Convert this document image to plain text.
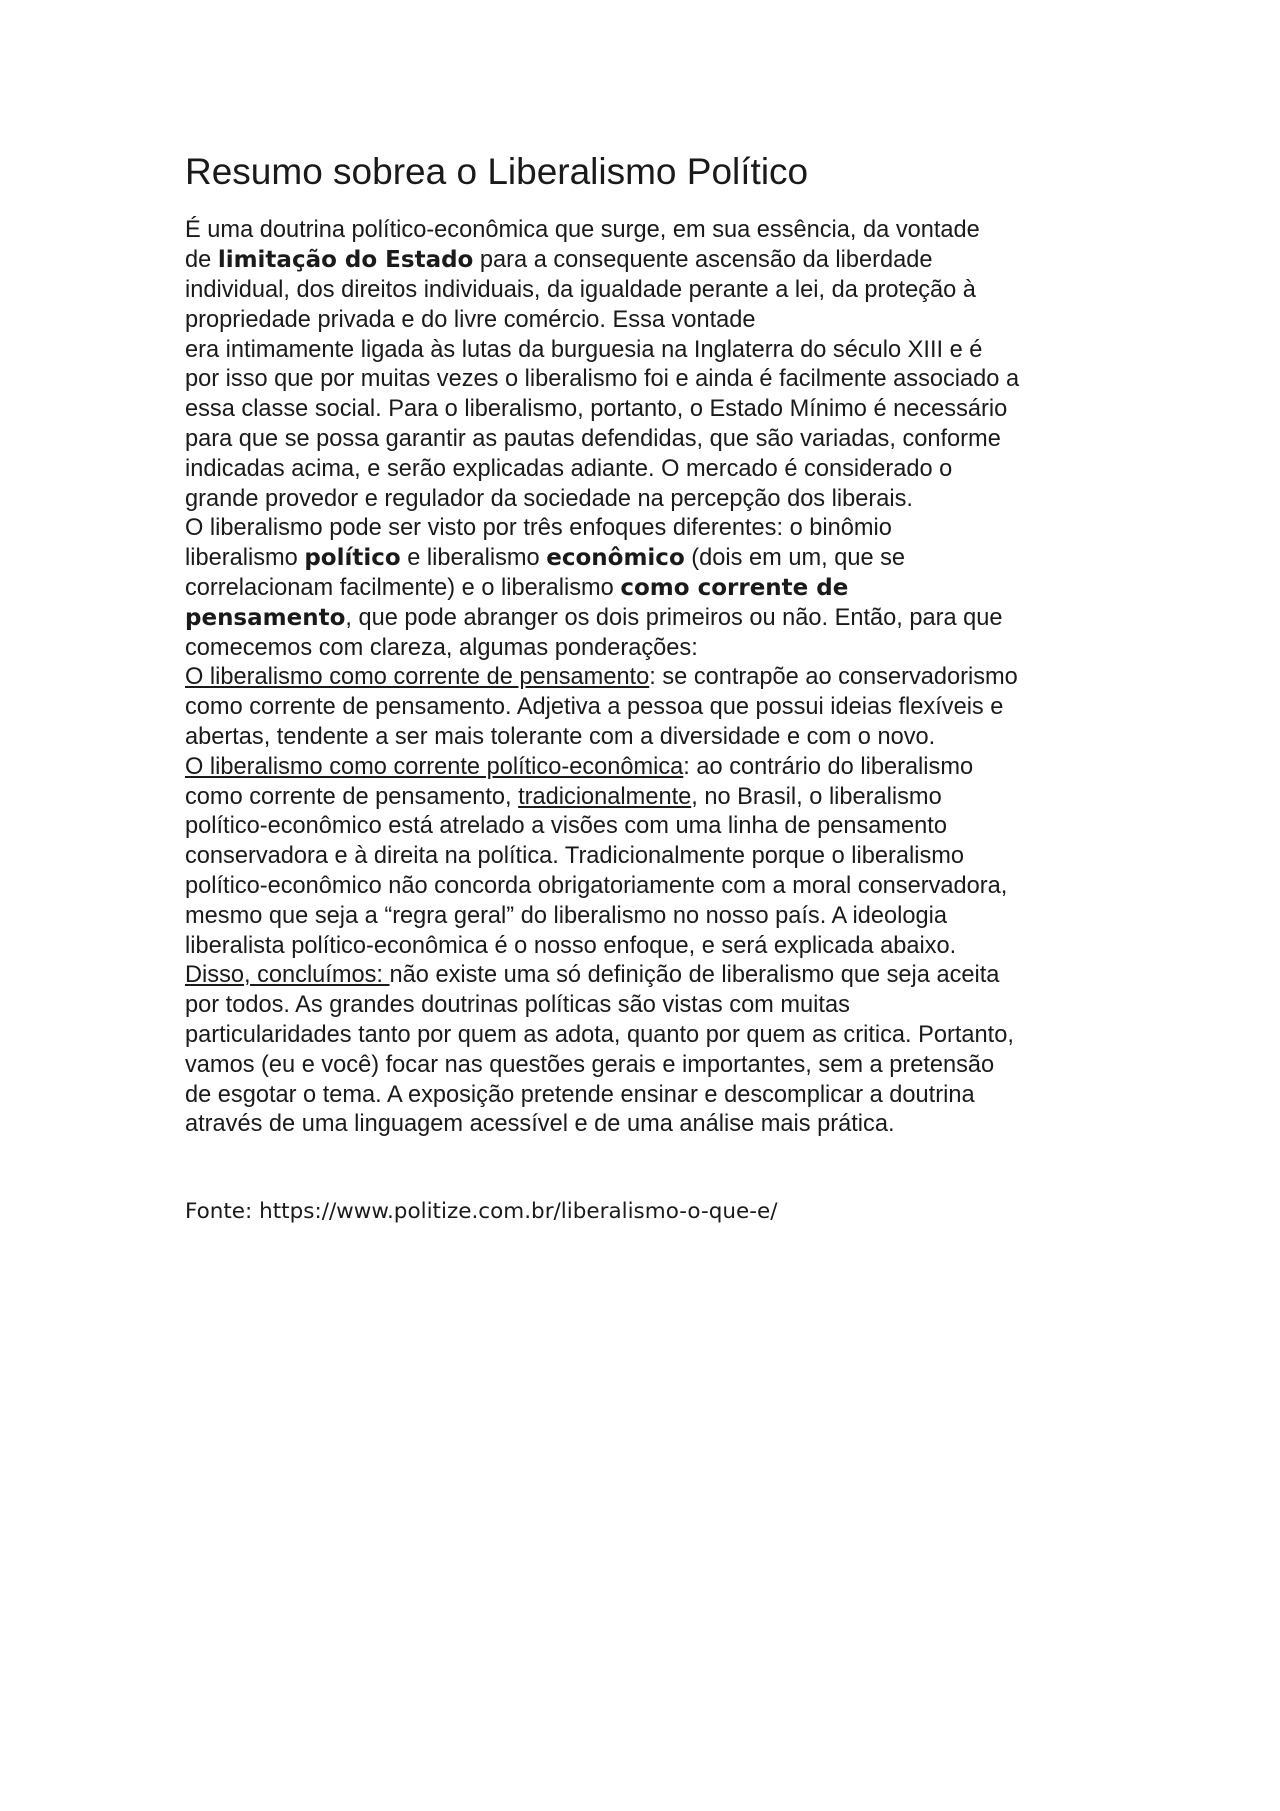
Resumo sobrea o Liberalismo Político

É uma doutrina político-econômica que surge, em sua essência, da vontade
de limitação do Estado para a consequente ascensão da liberdade
individual, dos direitos individuais, da igualdade perante a lei, da proteção à
propriedade privada e do livre comércio. Essa vontade
era intimamente ligada às lutas da burguesia na Inglaterra do século XIII e é
por isso que por muitas vezes o liberalismo foi e ainda é facilmente associado a
essa classe social. Para o liberalismo, portanto, o Estado Mínimo é necessário
para que se possa garantir as pautas defendidas, que são variadas, conforme
indicadas acima, e serão explicadas adiante. O mercado é considerado o
grande provedor e regulador da sociedade na percepção dos liberais.

O liberalismo pode ser visto por três enfoques diferentes: o binômio
liberalismo político e liberalismo econômico (dois em um, que se
correlacionam facilmente) e o liberalismo como corrente de
pensamento, que pode abranger os dois primeiros ou não. Então, para que
comecemos com clareza, algumas ponderações:

O liberalismo como corrente de pensamento: se contrapõe ao conservadorismo
como corrente de pensamento. Adjetiva a pessoa que possui ideias flexíveis e
abertas, tendente a ser mais tolerante com a diversidade e com o novo.

O liberalismo como corrente político-econômica: ao contrário do liberalismo
como corrente de pensamento, tradicionalmente, no Brasil, o liberalismo
político-econômico está atrelado a visões com uma linha de pensamento
conservadora e à direita na política. Tradicionalmente porque o liberalismo
político-econômico não concorda obrigatoriamente com a moral conservadora,
mesmo que seja a “regra geral” do liberalismo no nosso país. A ideologia
liberalista político-econômica é o nosso enfoque, e será explicada abaixo.

Disso, concluímos: não existe uma só definição de liberalismo que seja aceita
por todos. As grandes doutrinas políticas são vistas com muitas
particularidades tanto por quem as adota, quanto por quem as critica. Portanto,
vamos (eu e você) focar nas questões gerais e importantes, sem a pretensão
de esgotar o tema. A exposição pretende ensinar e descomplicar a doutrina
através de uma linguagem acessível e de uma análise mais prática.

Fonte: https://www.politize.com.br/liberalismo-o-que-e/
